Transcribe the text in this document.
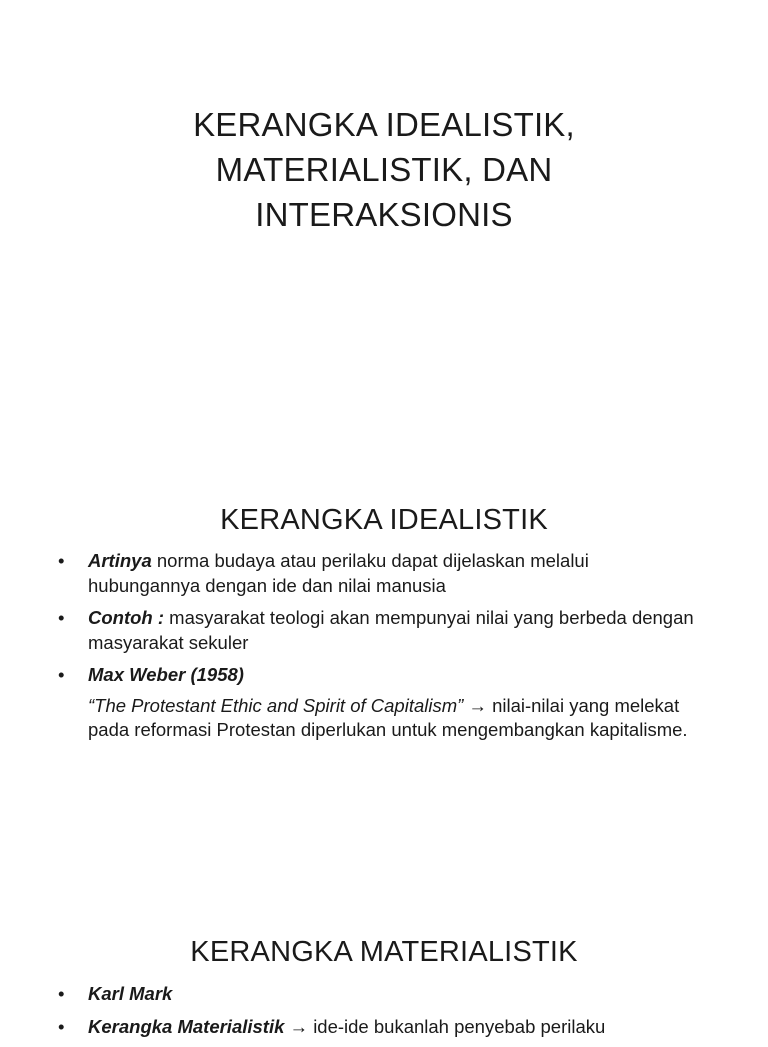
KERANGKA IDEALISTIK,
MATERIALISTIK, DAN
INTERAKSIONIS
KERANGKA IDEALISTIK
•	Artinya norma budaya atau perilaku dapat dijelaskan melalui hubungannya dengan ide dan nilai manusia
•	Contoh : masyarakat teologi akan mempunyai nilai yang berbeda dengan masyarakat sekuler
•	Max Weber (1958)
“The Protestant Ethic and Spirit of Capitalism” → nilai-nilai yang melekat pada reformasi Protestan diperlukan untuk mengembangkan kapitalisme.
KERANGKA MATERIALISTIK
•	Karl Mark
•	Kerangka Materialistik → ide-ide bukanlah penyebab perilaku
